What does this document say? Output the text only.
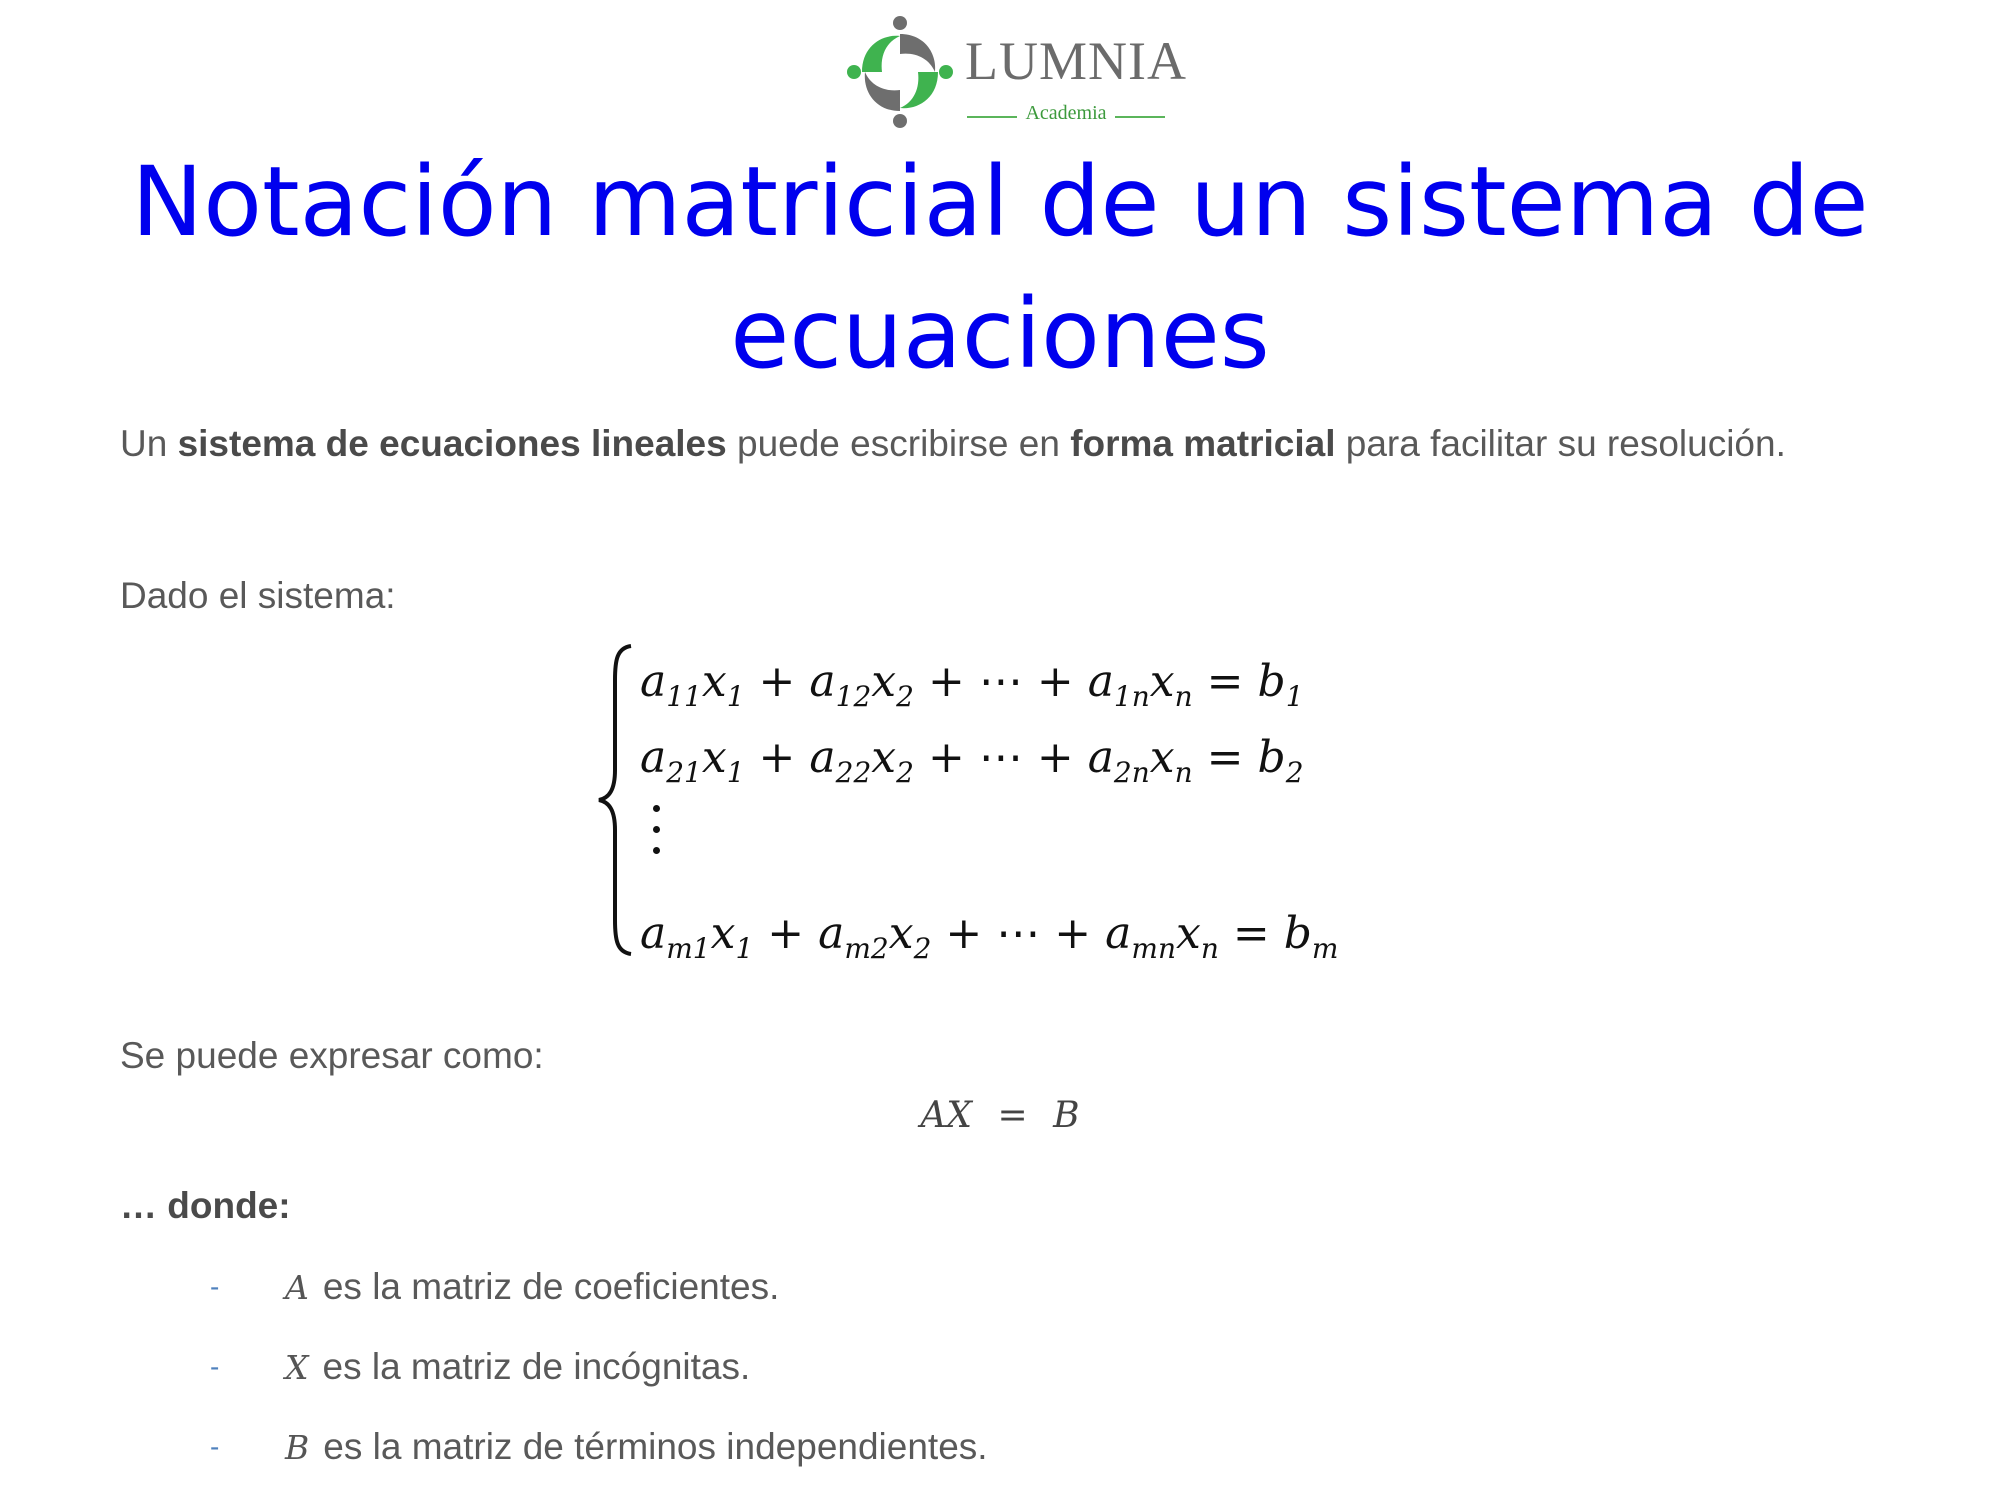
LUMNIA
Academia
Notación matricial de un sistema de ecuaciones

Un sistema de ecuaciones lineales puede escribirse en forma matricial para facilitar su resolución.

Dado el sistema:

$a_{11}x_1 + a_{12}x_2$ + ⋯ + $a_{1n}x_n = b_1$
$a_{21}x_1 + a_{22}x_2$ + ⋯ + $a_{2n}x_n = b_2$
$a_{m1}x_1 + a_{m2}x_2$ + ⋯ + $a_{mn}x_n = b_m$

Se puede expresar como:

AX = B

… donde:

- A es la matriz de coeficientes.
- X es la matriz de incógnitas.
- B es la matriz de términos independientes.
